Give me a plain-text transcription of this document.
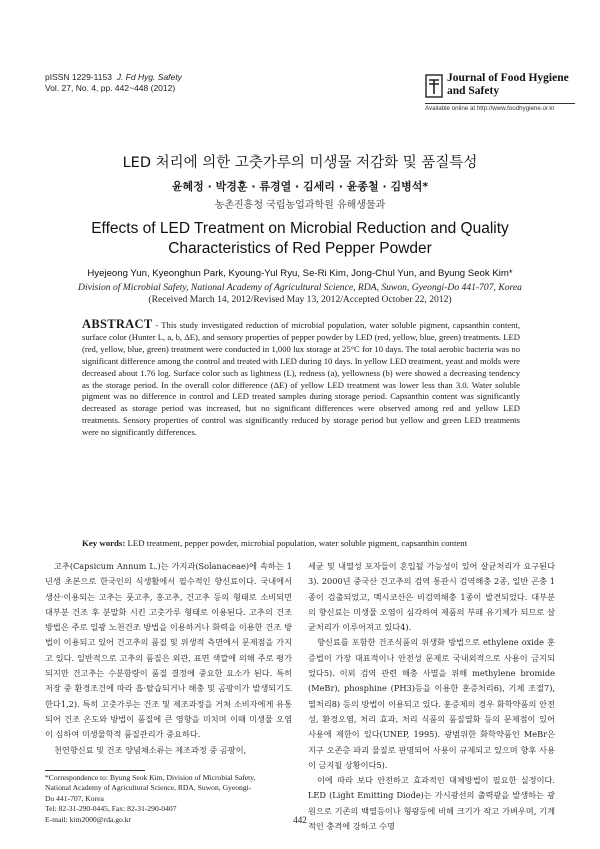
pISSN 1229-1153 J. Fd Hyg. Safety
Vol. 27, No. 4, pp. 442~448 (2012)
Journal of Food Hygiene
and Safety
Available online at http://www.foodhygiene.or.kr
LED 처리에 의한 고춧가루의 미생물 저감화 및 품질특성
윤혜정 · 박경훈 · 류경열 · 김세리 · 윤종철 · 김병석*
농촌진흥청 국립농업과학원 유해생물과
Effects of LED Treatment on Microbial Reduction and Quality
Characteristics of Red Pepper Powder
Hyejeong Yun, Kyeonghun Park, Kyoung-Yul Ryu, Se-Ri Kim, Jong-Chul Yun, and Byung Seok Kim*
Division of Microbial Safety, National Academy of Agricultural Science, RDA, Suwon, Gyeongi-Do 441-707, Korea
(Received March 14, 2012/Revised May 13, 2012/Accepted October 22, 2012)
ABSTRACT - This study investigated reduction of microbial population, water soluble pigment, capsanthin content, surface color (Hunter L, a, b, ΔE), and sensory properties of pepper powder by LED (red, yellow, blue, green) treatments. LED (red, yellow, blue, green) treatment were conducted in 1,000 lux storage at 25°C for 10 days. The total aerobic bacteria was no significant difference among the control and treated with LED during 10 days. In yellow LED treatment, yeast and molds were decreased about 1.76 log. Surface color such as lightness (L), redness (a), yellowness (b) were showed a decreasing tendency as the storage period. In the overall color difference (ΔE) of yellow LED treatment was lower less than 3.0. Water soluble pigment was no difference in control and LED treated samples during storage period. Capsanthin content was significantly decreased as storage period was increased, but no significant differences were observed among red and yellow LED treatments. Sensory properties of control was significantly reduced by storage period but yellow and green LED treatments were no significantly differences.
Key words: LED treatment, pepper powder, microbial population, water soluble pigment, capsanthin content

고추(Capsicum Annum L.)는 가지과(Solanaceae)에 속하는 1년생 초본으로 한국인의 식생활에서 필수적인 향신료이다. 국내에서 생산·이용되는 고추는 풋고추, 홍고추, 건고추 등의 형태로 소비되면 대부분 건조 후 분말화 시킨 고춧가루 형태로 이용된다. 고추의 건조방법은 주로 일광 노천건조 방법을 이용하거나 화력을 이용한 건조 방법이 이용되고 있어 건고추의 품질 및 위생적 측면에서 문제점을 가지고 있다. 일반적으로 고추의 품질은 외관, 표면 색깔에 의해 주로 평가되지만 건고추는 수분함량이 품질 결정에 중요한 요소가 된다. 특히 저장 중 환경조건에 따라 흡·탈습되거나 해충 및 곰팡이가 발생되기도 한다1,2). 특히 고춧가루는 건조 및 제조과정을 거쳐 소비자에게 유통되어 건조 온도와 방법이 품질에 큰 영향을 미치며 이때 미생물 오염이 심하여 미생물학적 품질관리가 중요하다.

천연향신료 및 건조 양념채소류는 제조과정 중 곰팡이,

세균 및 내열성 포자들이 혼입될 가능성이 있어 살균처리가 요구된다3). 2000년 중국산 건고추의 검역 통관시 검역해충 2종, 일반 곤충 1종이 검출되었고, 멕시코산은 비검역해충 1종이 발견되었다. 대부분의 향신료는 미생물 오염이 심각하여 제품의 부패 유기체가 되므로 살균처리가 이루어져고 있다4).

향신료를 포함한 건조식품의 위생화 방법으로 ethylene oxide 훈증법이 가장 대표적이나 안전성 문제로 국내외적으로 사용이 금지되었다5). 이외 검역 관련 해충 사멸을 위해 methylene bromide (MeBr), phosphine (PH3)등을 이용한 훈증처리6), 기체 조절7), 열처리8) 등의 방법이 이용되고 있다. 훈증제의 경우 화학약품의 안전성, 환경오염, 처리 효과, 처리 식품의 품질열화 등의 문제점이 있어 사용에 제한이 있다(UNEP, 1995). 광범위한 화학약품인 MeBr은 지구 오존층 파괴 물질로 판명되어 사용이 규제되고 있으며 향후 사용이 금지될 상황이다5).

이에 따라 보다 안전하고 효과적인 대체방법이 필요한 실정이다. LED (Light Emitting Diode)는 가시광선의 출력광을 발생하는 광원으로 기존의 백열등이나 형광등에 비해 크기가 작고 가벼우며, 기계적인 충격에 강하고 수명

*Correspondence to: Byung Seok Kim, Division of Microbial Safety,
National Academy of Agricultural Science, RDA, Suwon, Gyeongi-
Do 441-707, Korea
Tel: 82-31-290-0445, Fax: 82-31-290-0407
E-mail: kim2000@rda.go.kr	442
